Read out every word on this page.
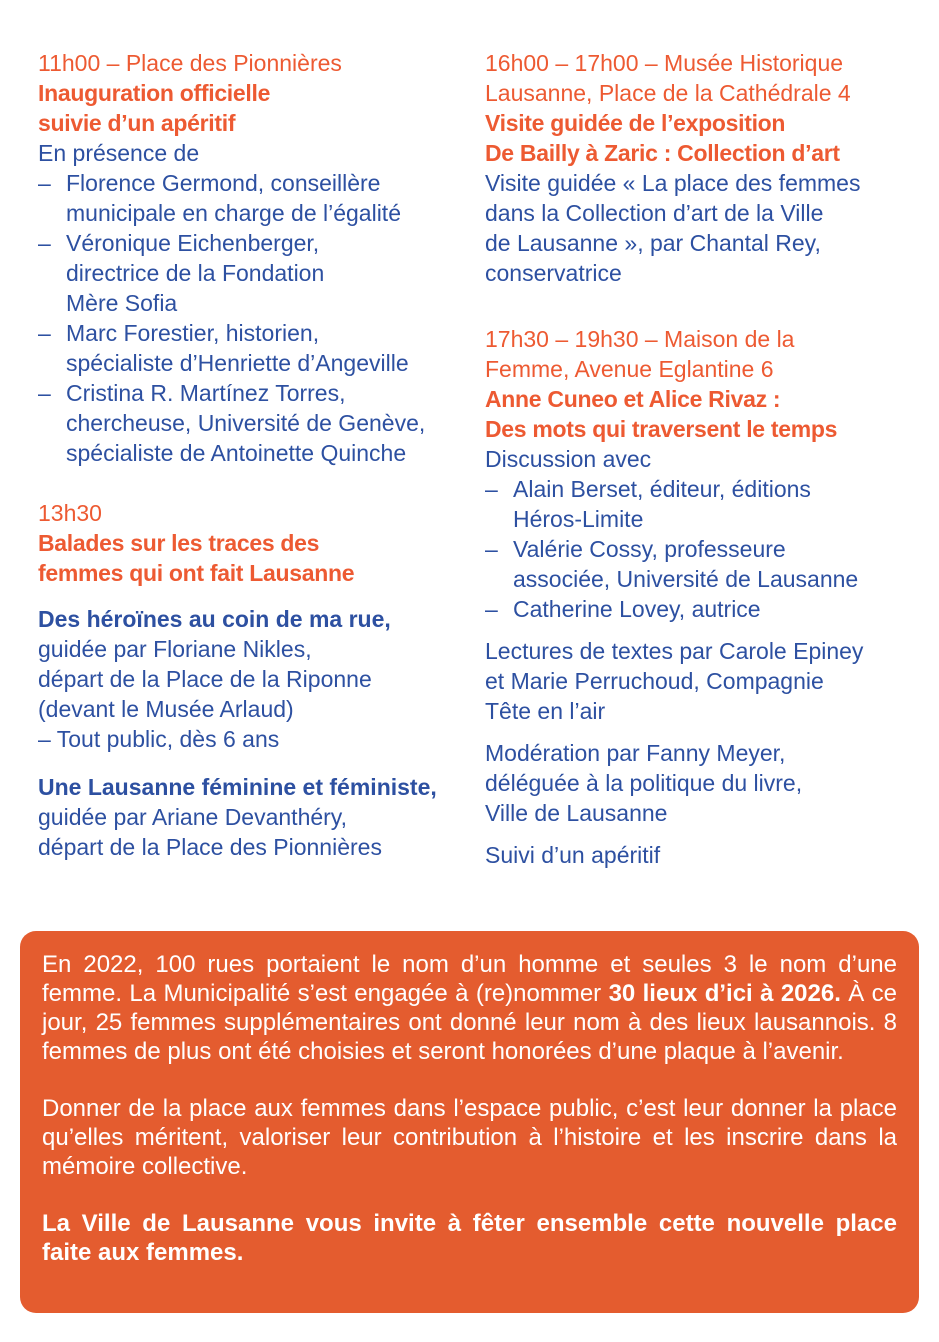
11h00 – Place des Pionnières
Inauguration officielle
suivie d’un apéritif
En présence de
– Florence Germond, conseillère
municipale en charge de l’égalité
– Véronique Eichenberger,
directrice de la Fondation
Mère Sofia
– Marc Forestier, historien,
spécialiste d’Henriette d’Angeville
– Cristina R. Martínez Torres,
chercheuse, Université de Genève,
spécialiste de Antoinette Quinche
13h30
Balades sur les traces des
femmes qui ont fait Lausanne
Des héroïnes au coin de ma rue,
guidée par Floriane Nikles,
départ de la Place de la Riponne
(devant le Musée Arlaud)
– Tout public, dès 6 ans
Une Lausanne féminine et féministe,
guidée par Ariane Devanthéry,
départ de la Place des Pionnières
16h00 – 17h00 – Musée Historique
Lausanne, Place de la Cathédrale 4
Visite guidée de l’exposition
De Bailly à Zaric : Collection d’art
Visite guidée « La place des femmes
dans la Collection d’art de la Ville
de Lausanne », par Chantal Rey,
conservatrice
17h30 – 19h30 – Maison de la
Femme, Avenue Eglantine 6
Anne Cuneo et Alice Rivaz :
Des mots qui traversent le temps
Discussion avec
– Alain Berset, éditeur, éditions
Héros-Limite
– Valérie Cossy, professeure
associée, Université de Lausanne
– Catherine Lovey, autrice
Lectures de textes par Carole Epiney
et Marie Perruchoud, Compagnie
Tête en l’air
Modération par Fanny Meyer,
déléguée à la politique du livre,
Ville de Lausanne
Suivi d’un apéritif

En 2022, 100 rues portaient le nom d’un homme et seules 3 le nom d’une femme. La Municipalité s’est engagée à (re)nommer 30 lieux d’ici à 2026. À ce jour, 25 femmes supplémentaires ont donné leur nom à des lieux lausannois. 8 femmes de plus ont été choisies et seront honorées d’une plaque à l’avenir.

Donner de la place aux femmes dans l’espace public, c’est leur donner la place qu’elles méritent, valoriser leur contribution à l’histoire et les inscrire dans la mémoire collective.

La Ville de Lausanne vous invite à fêter ensemble cette nouvelle place faite aux femmes.
